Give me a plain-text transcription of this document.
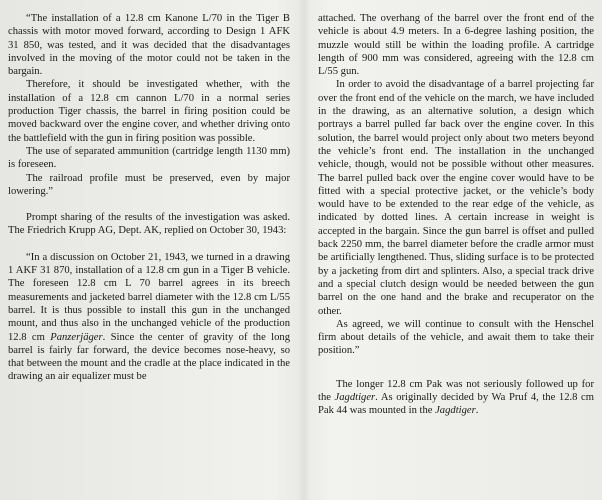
“The installation of a 12.8 cm Kanone L/70 in the Tiger B chassis with motor moved forward, according to Design 1 AFK 31 850, was tested, and it was decided that the disadvantages involved in the moving of the motor could not be taken in the bargain.

Therefore, it should be investigated whether, with the installation of a 12.8 cm cannon L/70 in a normal series production Tiger chassis, the barrel in firing position could be moved backward over the engine cover, and whether driving onto the battlefield with the gun in firing position was possible.

The use of separated ammunition (cartridge length 1130 mm) is foreseen.

The railroad profile must be preserved, even by major lowering.”

Prompt sharing of the results of the investigation was asked. The Friedrich Krupp AG, Dept. AK, replied on October 30, 1943:

“In a discussion on October 21, 1943, we turned in a drawing 1 AKF 31 870, installation of a 12.8 cm gun in a Tiger B vehicle. The foreseen 12.8 cm L 70 barrel agrees in its breech measurements and jacketed barrel diameter with the 12.8 cm L/55 barrel. It is thus possible to install this gun in the unchanged mount, and thus also in the unchanged vehicle of the production 12.8 cm Panzerjäger. Since the center of gravity of the long barrel is fairly far forward, the device becomes nose-heavy, so that between the mount and the cradle at the place indicated in the drawing an air equalizer must be

attached. The overhang of the barrel over the front end of the vehicle is about 4.9 meters. In a 6-degree lashing position, the muzzle would still be within the loading profile. A cartridge length of 900 mm was considered, agreeing with the 12.8 cm L/55 gun.

In order to avoid the disadvantage of a barrel projecting far over the front end of the vehicle on the march, we have included in the drawing, as an alternative solution, a design which portrays a barrel pulled far back over the engine cover. In this solution, the barrel would project only about two meters beyond the vehicle’s front end. The installation in the unchanged vehicle, though, would not be possible without other measures. The barrel pulled back over the engine cover would have to be fitted with a special protective jacket, or the vehicle’s body would have to be extended to the rear edge of the vehicle, as indicated by dotted lines. A certain increase in weight is accepted in the bargain. Since the gun barrel is offset and pulled back 2250 mm, the barrel diameter before the cradle armor must be artificially lengthened. Thus, sliding surface is to be protected by a jacketing from dirt and splinters. Also, a special track drive and a special clutch design would be needed between the gun barrel on the one hand and the brake and recuperator on the other.

As agreed, we will continue to consult with the Henschel firm about details of the vehicle, and await them to take their position.”

The longer 12.8 cm Pak was not seriously followed up for the Jagdtiger. As originally decided by Wa Pruf 4, the 12.8 cm Pak 44 was mounted in the Jagdtiger.
